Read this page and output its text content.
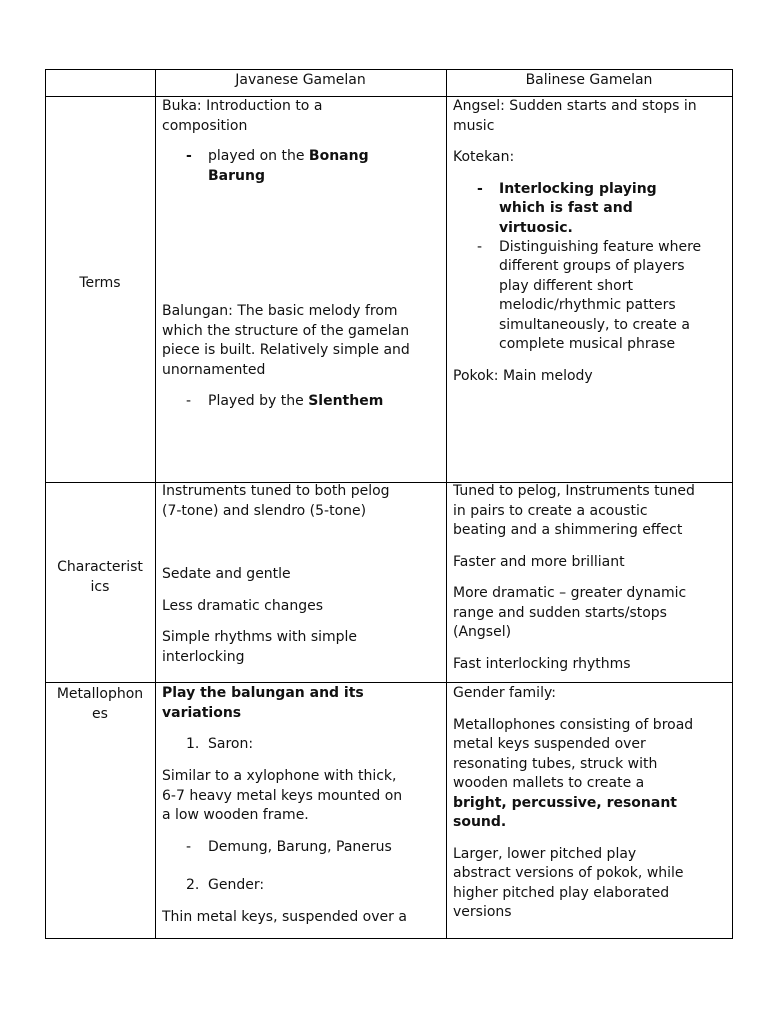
Javanese Gamelan	Balinese Gamelan
Terms

Buka: Introduction to a

composition

- played on the Bonang
Barung

Balungan: The basic melody from

which the structure of the gamelan

piece is built. Relatively simple and

unornamented

- Played by the Slenthem

Angsel: Sudden starts and stops in

music

Kotekan:

- Interlocking playing
which is fast and
virtuosic.
- Distinguishing feature where
different groups of players
play different short
melodic/rhythmic patters
simultaneously, to create a
complete musical phrase

Pokok: Main melody

Characterist

ics

Instruments tuned to both pelog

(7-tone) and slendro (5-tone)

Sedate and gentle

Less dramatic changes

Simple rhythms with simple

interlocking

Tuned to pelog, Instruments tuned

in pairs to create a acoustic

beating and a shimmering effect

Faster and more brilliant

More dramatic – greater dynamic

range and sudden starts/stops

(Angsel)

Fast interlocking rhythms

Metallophon

es

Play the balungan and its

variations

1. Saron:

Similar to a xylophone with thick,

6-7 heavy metal keys mounted on

a low wooden frame.

- Demung, Barung, Panerus
2. Gender:

Thin metal keys, suspended over a

Gender family:

Metallophones consisting of broad

metal keys suspended over

resonating tubes, struck with

wooden mallets to create a

bright, percussive, resonant

sound.

Larger, lower pitched play

abstract versions of pokok, while

higher pitched play elaborated

versions
